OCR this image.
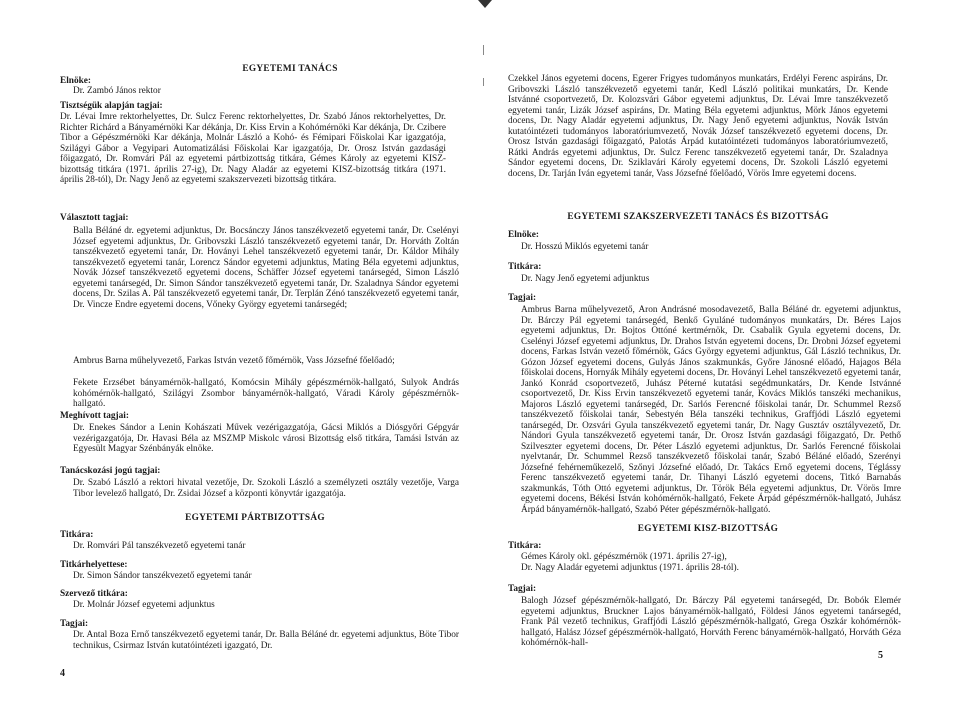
EGYETEMI TANÁCS
Elnöke:
Dr. Zambó János rektor
Tisztségük alapján tagjai:
Dr. Lévai Imre rektorhelyettes, Dr. Sulcz Ferenc rektorhelyettes, Dr. Szabó János rektorhelyettes, Dr. Richter Richárd a Bányamérnöki Kar dékánja, Dr. Kiss Ervin a Kohómérnöki Kar dékánja, Dr. Czibere Tibor a Gépészmérnöki Kar dékánja, Molnár László a Kohó- és Fémipari Főiskolai Kar igazgatója, Szilágyi Gábor a Vegyipari Automatizálási Főiskolai Kar igazgatója, Dr. Orosz István gazdasági főigazgató, Dr. Romvári Pál az egyetemi pártbizottság titkára, Gémes Károly az egyetemi KISZ-bizottság titkára (1971. április 27-ig), Dr. Nagy Aladár az egyetemi KISZ-bizottság titkára (1971. április 28-tól), Dr. Nagy Jenő az egyetemi szakszervezeti bizottság titkára.
Választott tagjai:
Balla Béláné dr. egyetemi adjunktus, Dr. Bocsánczy János tanszékvezető egyetemi tanár, Dr. Cselényi József egyetemi adjunktus, Dr. Gribovszki László tanszékvezető egyetemi tanár, Dr. Horváth Zoltán tanszékvezető egyetemi tanár, Dr. Hoványi Lehel tanszékvezető egyetemi tanár, Dr. Káldor Mihály tanszékvezető egyetemi tanár, Lorencz Sándor egyetemi adjunktus, Mating Béla egyetemi adjunktus, Novák József tanszékvezető egyetemi docens, Schäffer József egyetemi tanársegéd, Simon László egyetemi tanársegéd, Dr. Simon Sándor tanszékvezető egyetemi tanár, Dr. Szaladnya Sándor egyetemi docens, Dr. Szilas A. Pál tanszékvezető egyetemi tanár, Dr. Terplán Zénó tanszékvezető egyetemi tanár, Dr. Vincze Endre egyetemi docens, Vőneky György egyetemi tanársegéd;
Ambrus Barna műhelyvezető, Farkas István vezető főmérnök, Vass Józsefné főelőadó;
Fekete Erzsébet bányamérnök-hallgató, Komócsin Mihály gépészmérnök-hallgató, Sulyok András kohómérnök-hallgató, Szilágyi Zsombor bányamérnök-hallgató, Váradi Károly gépészmérnök-hallgató.
Meghívott tagjai:
Dr. Énekes Sándor a Lenin Kohászati Művek vezérigazgatója, Gácsi Miklós a Diósgyőri Gépgyár vezérigazgatója, Dr. Havasi Béla az MSZMP Miskolc városi Bizottság első titkára, Tamási István az Egyesült Magyar Szénbányák elnöke.
Tanácskozási jogú tagjai:
Dr. Szabó László a rektori hivatal vezetője, Dr. Szokoli László a személyzeti osztály vezetője, Varga Tibor levelező hallgató, Dr. Zsidai József a központi könyvtár igazgatója.
EGYETEMI PÁRTBIZOTTSÁG
Titkára:
Dr. Romvári Pál tanszékvezető egyetemi tanár
Titkárhelyettese:
Dr. Simon Sándor tanszékvezető egyetemi tanár
Szervező titkára:
Dr. Molnár József egyetemi adjunktus
Tagjai:
Dr. Antal Boza Ernő tanszékvezető egyetemi tanár, Dr. Balla Béláné dr. egyetemi adjunktus, Böte Tibor technikus, Csirmaz István kutatóintézeti igazgató, Dr.
4
Czekkel János egyetemi docens, Egerer Frigyes tudományos munkatárs, Erdélyi Ferenc aspiráns, Dr. Gribovszki László tanszékvezető egyetemi tanár, Kedl László politikai munkatárs, Dr. Kende Istvánné csoportvezető, Dr. Kolozsvári Gábor egyetemi adjunktus, Dr. Lévai Imre tanszékvezető egyetemi tanár, Lizák József aspiráns, Dr. Mating Béla egyetemi adjunktus, Mörk János egyetemi docens, Dr. Nagy Aladár egyetemi adjunktus, Dr. Nagy Jenő egyetemi adjunktus, Novák István kutatóintézeti tudományos laboratóriumvezető, Novák József tanszékvezető egyetemi docens, Dr. Orosz István gazdasági főigazgató, Palotás Árpád kutatóintézeti tudományos laboratóriumvezető, Rátki András egyetemi adjunktus, Dr. Sulcz Ferenc tanszékvezető egyetemi tanár, Dr. Szaladnya Sándor egyetemi docens, Dr. Sziklavári Károly egyetemi docens, Dr. Szokoli László egyetemi docens, Dr. Tarján Iván egyetemi tanár, Vass Józsefné főelőadó, Vörös Imre egyetemi docens.
EGYETEMI SZAKSZERVEZETI TANÁCS ÉS BIZOTTSÁG
Elnöke:
Dr. Hosszú Miklós egyetemi tanár
Titkára:
Dr. Nagy Jenő egyetemi adjunktus
Tagjai:
Ambrus Barna műhelyvezető, Áron Andrásné mosodavezető, Balla Béláné dr. egyetemi adjunktus, Dr. Bárczy Pál egyetemi tanársegéd, Benkő Gyuláné tudományos munkatárs, Dr. Béres Lajos egyetemi adjunktus, Dr. Bojtos Ottóné kertmérnök, Dr. Csabalik Gyula egyetemi docens, Dr. Cselényi József egyetemi adjunktus, Dr. Drahos István egyetemi docens, Dr. Drobni József egyetemi docens, Farkas István vezető főmérnök, Gács György egyetemi adjunktus, Gál László technikus, Dr. Gózon József egyetemi docens, Gulyás János szakmunkás, Győre Jánosné előadó, Hajagos Béla főiskolai docens, Hornyák Mihály egyetemi docens, Dr. Hoványi Lehel tanszékvezető egyetemi tanár, Jankó Konrád csoportvezető, Juhász Péterné kutatási segédmunkatárs, Dr. Kende Istvánné csoportvezető, Dr. Kiss Ervin tanszékvezető egyetemi tanár, Kovács Miklós tanszéki mechanikus, Majoros László egyetemi tanársegéd, Dr. Sarlós Ferencné főiskolai tanár, Dr. Schummel Rezső tanszékvezető főiskolai tanár, Sebestyén Béla tanszéki technikus, Graffjódi László egyetemi tanársegéd, Dr. Ozsvári Gyula tanszékvezető egyetemi tanár, Dr. Nagy Gusztáv osztályvezető, Dr. Nándori Gyula tanszékvezető egyetemi tanár, Dr. Orosz István gazdasági főigazgató, Dr. Pethő Szilveszter egyetemi docens, Dr. Péter László egyetemi adjunktus, Dr. Sarlós Ferencné főiskolai nyelvtanár, Dr. Schummel Rezső tanszékvezető főiskolai tanár, Szabó Béláné előadó, Szerényi Józsefné fehérneműkezelő, Szőnyi Józsefné előadó, Dr. Takács Ernő egyetemi docens, Téglássy Ferenc tanszékvezető egyetemi tanár, Dr. Tihanyi László egyetemi docens, Titkó Barnabás szakmunkás, Tóth Ottó egyetemi adjunktus, Dr. Török Béla egyetemi adjunktus, Dr. Vörös Imre egyetemi docens, Békési István kohómérnök-hallgató, Fekete Árpád gépészmérnök-hallgató, Juhász Árpád bányamérnök-hallgató, Szabó Péter gépészmérnök-hallgató.
EGYETEMI KISZ-BIZOTTSÁG
Titkára:
Gémes Károly okl. gépészmérnök (1971. április 27-ig),
Dr. Nagy Aladár egyetemi adjunktus (1971. április 28-tól).
Tagjai:
Balogh József gépészmérnök-hallgató, Dr. Bárczy Pál egyetemi tanársegéd, Dr. Bobók Elemér egyetemi adjunktus, Bruckner Lajos bányamérnök-hallgató, Földesi János egyetemi tanársegéd, Frank Pál vezető technikus, Graffjódi László gépészmérnök-hallgató, Grega Oszkár kohómérnök-hallgató, Halász József gépészmérnök-hallgató, Horváth Ferenc bányamérnök-hallgató, Horváth Géza kohómérnök-hall-
5
